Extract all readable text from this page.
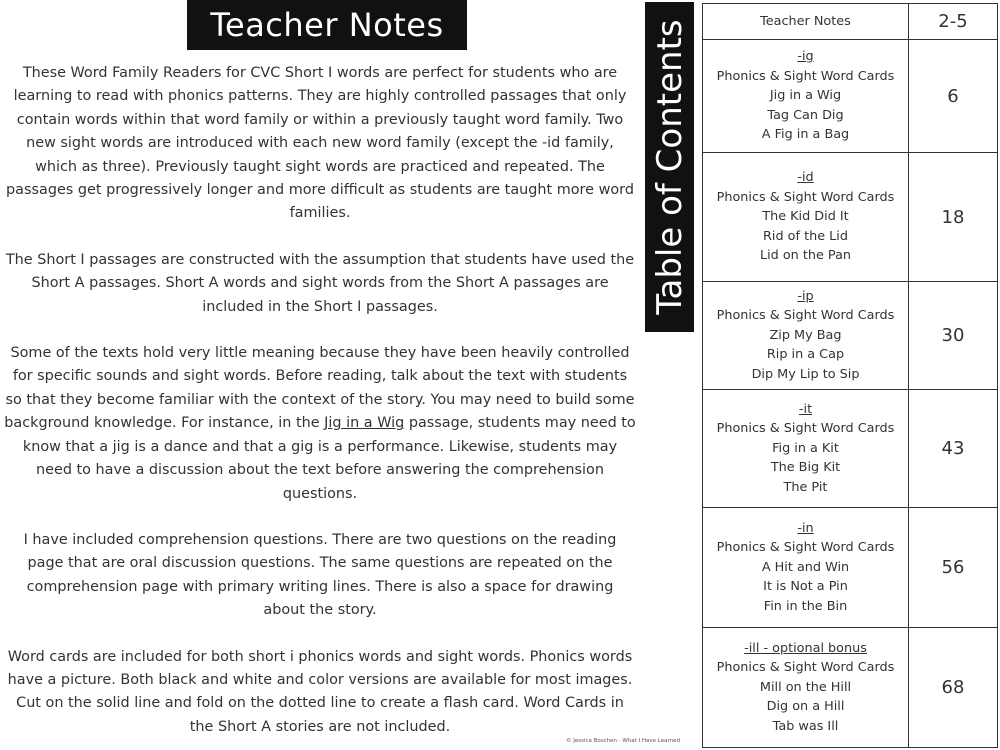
Teacher Notes

These Word Family Readers for CVC Short I words are perfect for students who are learning to read with phonics patterns. They are highly controlled passages that only contain words within that word family or within a previously taught word family. Two new sight words are introduced with each new word family (except the -id family, which as three). Previously taught sight words are practiced and repeated. The passages get progressively longer and more difficult as students are taught more word families.

The Short I passages are constructed with the assumption that students have used the Short A passages. Short A words and sight words from the Short A passages are included in the Short I passages.

Some of the texts hold very little meaning because they have been heavily controlled for specific sounds and sight words. Before reading, talk about the text with students so that they become familiar with the context of the story. You may need to build some background knowledge. For instance, in the Jig in a Wig passage, students may need to know that a jig is a dance and that a gig is a performance. Likewise, students may need to have a discussion about the text before answering the comprehension questions.

I have included comprehension questions. There are two questions on the reading page that are oral discussion questions. The same questions are repeated on the comprehension page with primary writing lines. There is also a space for drawing about the story.

Word cards are included for both short i phonics words and sight words. Phonics words have a picture. Both black and white and color versions are available for most images. Cut on the solid line and fold on the dotted line to create a flash card. Word Cards in the Short A stories are not included.

Table of Contents
© Jessica Boschen · What I Have Learned
Teacher Notes	2-5

-ig
Phonics & Sight Word Cards
Jig in a Wig
Tag Can Dig
A Fig in a Bag	6

-id
Phonics & Sight Word Cards
The Kid Did It
Rid of the Lid
Lid on the Pan	18

-ip
Phonics & Sight Word Cards
Zip My Bag
Rip in a Cap
Dip My Lip to Sip	30

-it
Phonics & Sight Word Cards
Fig in a Kit
The Big Kit
The Pit	43

-in
Phonics & Sight Word Cards
A Hit and Win
It is Not a Pin
Fin in the Bin	56

-ill - optional bonus
Phonics & Sight Word Cards
Mill on the Hill
Dig on a Hill
Tab was Ill	68
